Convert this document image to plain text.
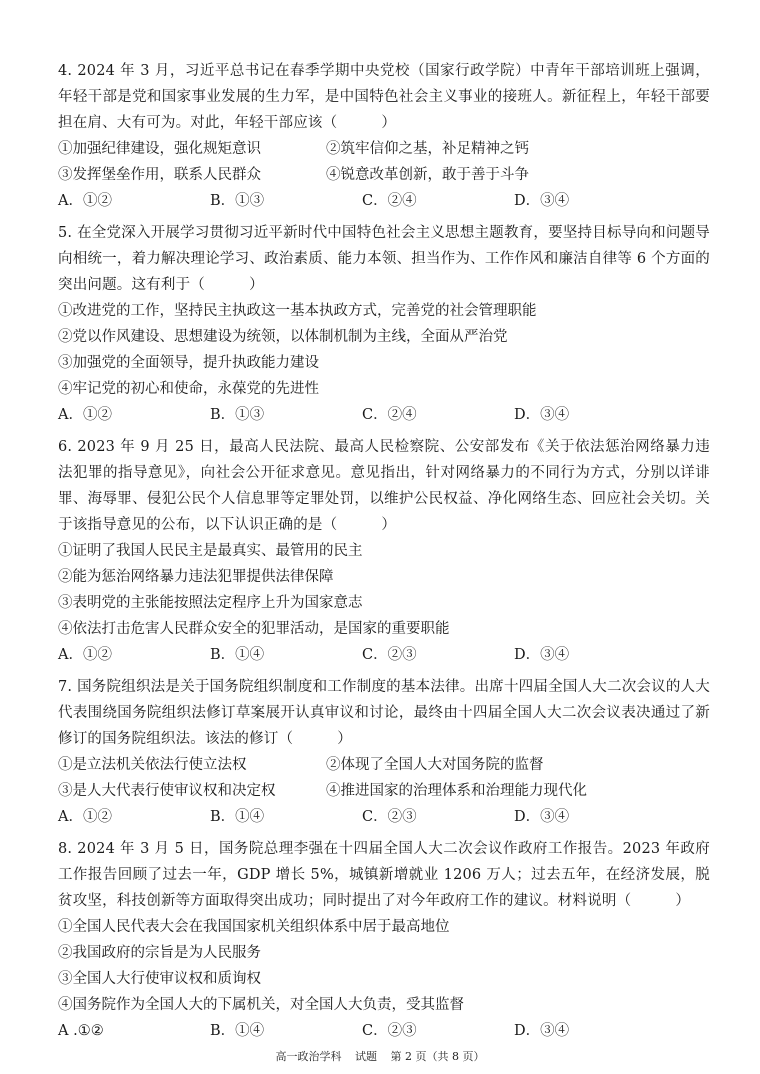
4. 2024 年 3 月，习近平总书记在春季学期中央党校（国家行政学院）中青年干部培训班上强调，年轻干部是党和国家事业发展的生力军，是中国特色社会主义事业的接班人。新征程上，年轻干部要担在肩、大有可为。对此，年轻干部应该（　　　）

①加强纪律建设，强化规矩意识	②筑牢信仰之基，补足精神之钙
③发挥堡垒作用，联系人民群众	④锐意改革创新，敢于善于斗争
A．①②	B．①③	C．②④	D．③④

5. 在全党深入开展学习贯彻习近平新时代中国特色社会主义思想主题教育，要坚持目标导向和问题导向相统一，着力解决理论学习、政治素质、能力本领、担当作为、工作作风和廉洁自律等 6 个方面的突出问题。这有利于（　　　）

①改进党的工作，坚持民主执政这一基本执政方式，完善党的社会管理职能

②党以作风建设、思想建设为统领，以体制机制为主线，全面从严治党

③加强党的全面领导，提升执政能力建设

④牢记党的初心和使命，永葆党的先进性

A．①②	B．①③	C．②④	D．③④

6. 2023 年 9 月 25 日，最高人民法院、最高人民检察院、公安部发布《关于依法惩治网络暴力违法犯罪的指导意见》，向社会公开征求意见。意见指出，针对网络暴力的不同行为方式，分别以详诽罪、海辱罪、侵犯公民个人信息罪等定罪处罚，以维护公民权益、净化网络生态、回应社会关切。关于该指导意见的公布，以下认识正确的是（　　　）

①证明了我国人民民主是最真实、最管用的民主

②能为惩治网络暴力违法犯罪提供法律保障

③表明党的主张能按照法定程序上升为国家意志

④依法打击危害人民群众安全的犯罪活动，是国家的重要职能

A．①②	B．①④	C．②③	D．③④

7. 国务院组织法是关于国务院组织制度和工作制度的基本法律。出席十四届全国人大二次会议的人大代表围绕国务院组织法修订草案展开认真审议和讨论，最终由十四届全国人大二次会议表决通过了新修订的国务院组织法。该法的修订（　　　）

①是立法机关依法行使立法权	②体现了全国人大对国务院的监督
③是人大代表行使审议权和决定权	④推进国家的治理体系和治理能力现代化
A．①②	B．①④	C．②③	D．③④

8. 2024 年 3 月 5 日，国务院总理李强在十四届全国人大二次会议作政府工作报告。2023 年政府工作报告回顾了过去一年，GDP 增长 5%，城镇新增就业 1206 万人；过去五年，在经济发展，脱贫攻坚，科技创新等方面取得突出成功；同时提出了对今年政府工作的建议。材料说明（　　　）

①全国人民代表大会在我国国家机关组织体系中居于最高地位

②我国政府的宗旨是为人民服务

③全国人大行使审议权和质询权

④国务院作为全国人大的下属机关，对全国人大负责，受其监督

A .①②	B．①④	C．②③	D．③④
高一政治学科 试题 第 2 页（共 8 页）
